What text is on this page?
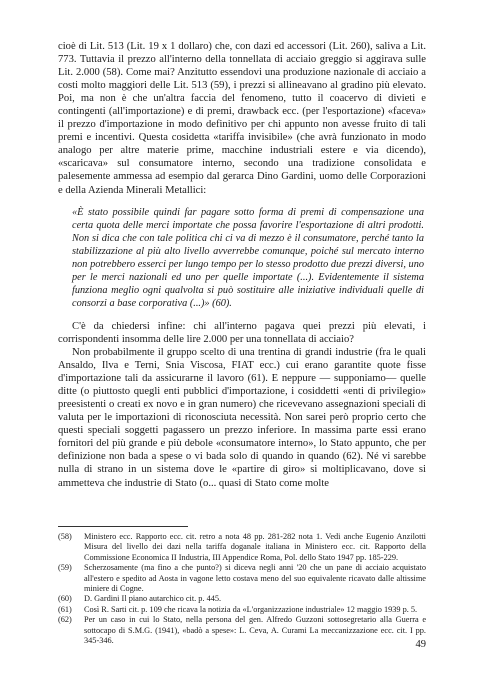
cioè di Lit. 513 (Lit. 19 x 1 dollaro) che, con dazi ed accessori (Lit. 260), saliva a Lit. 773. Tuttavia il prezzo all'interno della tonnellata di acciaio greggio si aggirava sulle Lit. 2.000 (58). Come mai? Anzitutto essendovi una produzione nazionale di acciaio a costi molto maggiori delle Lit. 513 (59), i prezzi si allineavano al gradino più elevato. Poi, ma non è che un'altra faccia del fenomeno, tutto il coacervo di divieti e contingenti (all'importazione) e di premi, drawback ecc. (per l'esportazione) «faceva» il prezzo d'importazione in modo definitivo per chi appunto non avesse fruito di tali premi e incentivi. Questa cosidetta «tariffa invisibile» (che avrà funzionato in modo analogo per altre materie prime, macchine industriali estere e via dicendo), «scaricava» sul consumatore interno, secondo una tradizione consolidata e palesemente ammessa ad esempio dal gerarca Dino Gardini, uomo delle Corporazioni e della Azienda Minerali Metallici:

«È stato possibile quindi far pagare sotto forma di premi di compensazione una certa quota delle merci importate che possa favorire l'esportazione di altri prodotti. Non si dica che con tale politica chi ci va di mezzo è il consumatore, perché tanto la stabilizzazione al più alto livello avverrebbe comunque, poiché sul mercato interno non potrebbero esserci per lungo tempo per lo stesso prodotto due prezzi diversi, uno per le merci nazionali ed uno per quelle importate (...). Evidentemente il sistema funziona meglio ogni qualvolta si può sostituire alle iniziative individuali quelle di consorzi a base corporativa (...)» (60).

C'è da chiedersi infine: chi all'interno pagava quei prezzi più elevati, i corrispondenti insomma delle lire 2.000 per una tonnellata di acciaio?

Non probabilmente il gruppo scelto di una trentina di grandi industrie (fra le quali Ansaldo, Ilva e Terni, Snia Viscosa, FIAT ecc.) cui erano garantite quote fisse d'importazione tali da assicurarne il lavoro (61). E neppure — supponiamo— quelle ditte (o piuttosto quegli enti pubblici d'importazione, i cosiddetti «enti di privilegio» preesistenti o creati ex novo e in gran numero) che ricevevano assegnazioni speciali di valuta per le importazioni di riconosciuta necessità. Non sarei però proprio certo che questi speciali soggetti pagassero un prezzo inferiore. In massima parte essi erano fornitori del più grande e più debole «consumatore interno», lo Stato appunto, che per definizione non bada a spese o vi bada solo di quando in quando (62). Né vi sarebbe nulla di strano in un sistema dove le «partire di giro» si moltiplicavano, dove si ammetteva che industrie di Stato (o... quasi di Stato come molte

(58)	Ministero ecc. Rapporto ecc. cit. retro a nota 48 pp. 281-282 nota 1. Vedi anche Eugenio Anzilotti Misura del livello dei dazi nella tariffa doganale italiana in Ministero ecc. cit. Rapporto della Commissione Economica II Industria, III Appendice Roma, Pol. dello Stato 1947 pp. 185-229.
(59)	Scherzosamente (ma fino a che punto?) si diceva negli anni '20 che un pane di acciaio acquistato all'estero e spedito ad Aosta in vagone letto costava meno del suo equivalente ricavato dalle altissime miniere di Cogne.
(60)	D. Gardini Il piano autarchico cit. p. 445.
(61)	Così R. Sarti cit. p. 109 che ricava la notizia da «L'organizzazione industriale» 12 maggio 1939 p. 5.
(62)	Per un caso in cui lo Stato, nella persona del gen. Alfredo Guzzoni sottosegretario alla Guerra e sottocapo di S.M.G. (1941), «badò a spese»: L. Ceva, A. Curami La meccanizzazione ecc. cit. I pp. 345-346.	49
